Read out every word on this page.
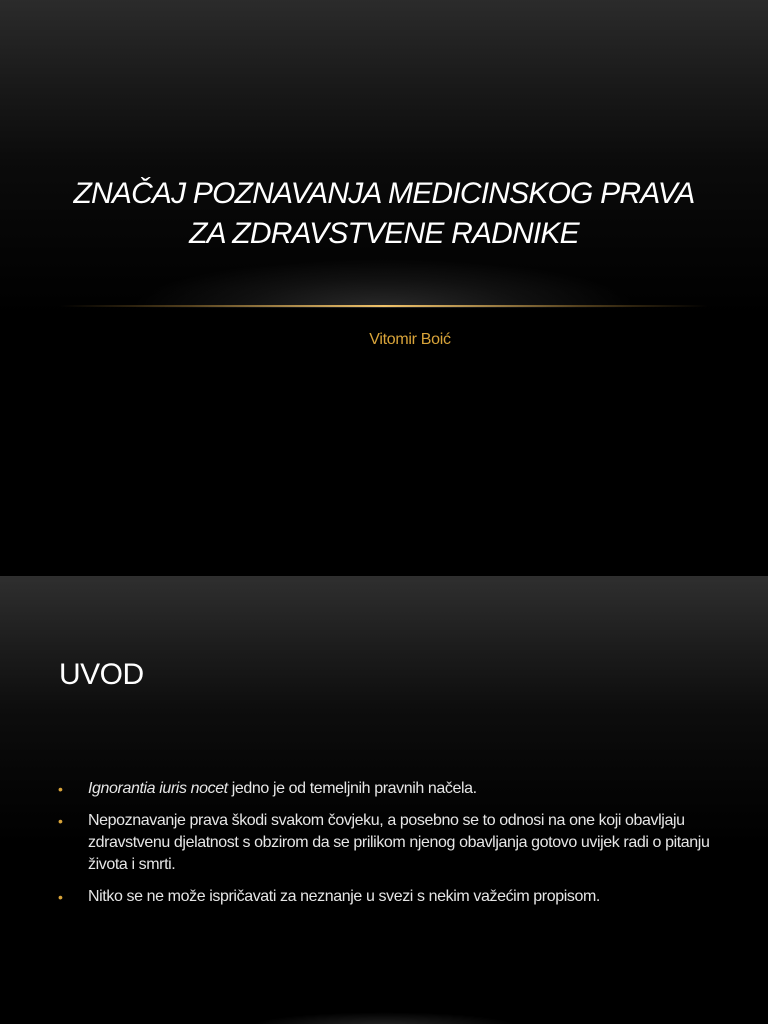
ZNAČAJ POZNAVANJA MEDICINSKOG PRAVA
ZA ZDRAVSTVENE RADNIKE
Vitomir Boić
UVOD
• Ignorantia iuris nocet jedno je od temeljnih pravnih načela.
• Nepoznavanje prava škodi svakom čovjeku, a posebno se to odnosi na one koji obavljaju zdravstvenu djelatnost s obzirom da se prilikom njenog obavljanja gotovo uvijek radi o pitanju života i smrti.
• Nitko se ne može ispričavati za neznanje u svezi s nekim važećim propisom.
